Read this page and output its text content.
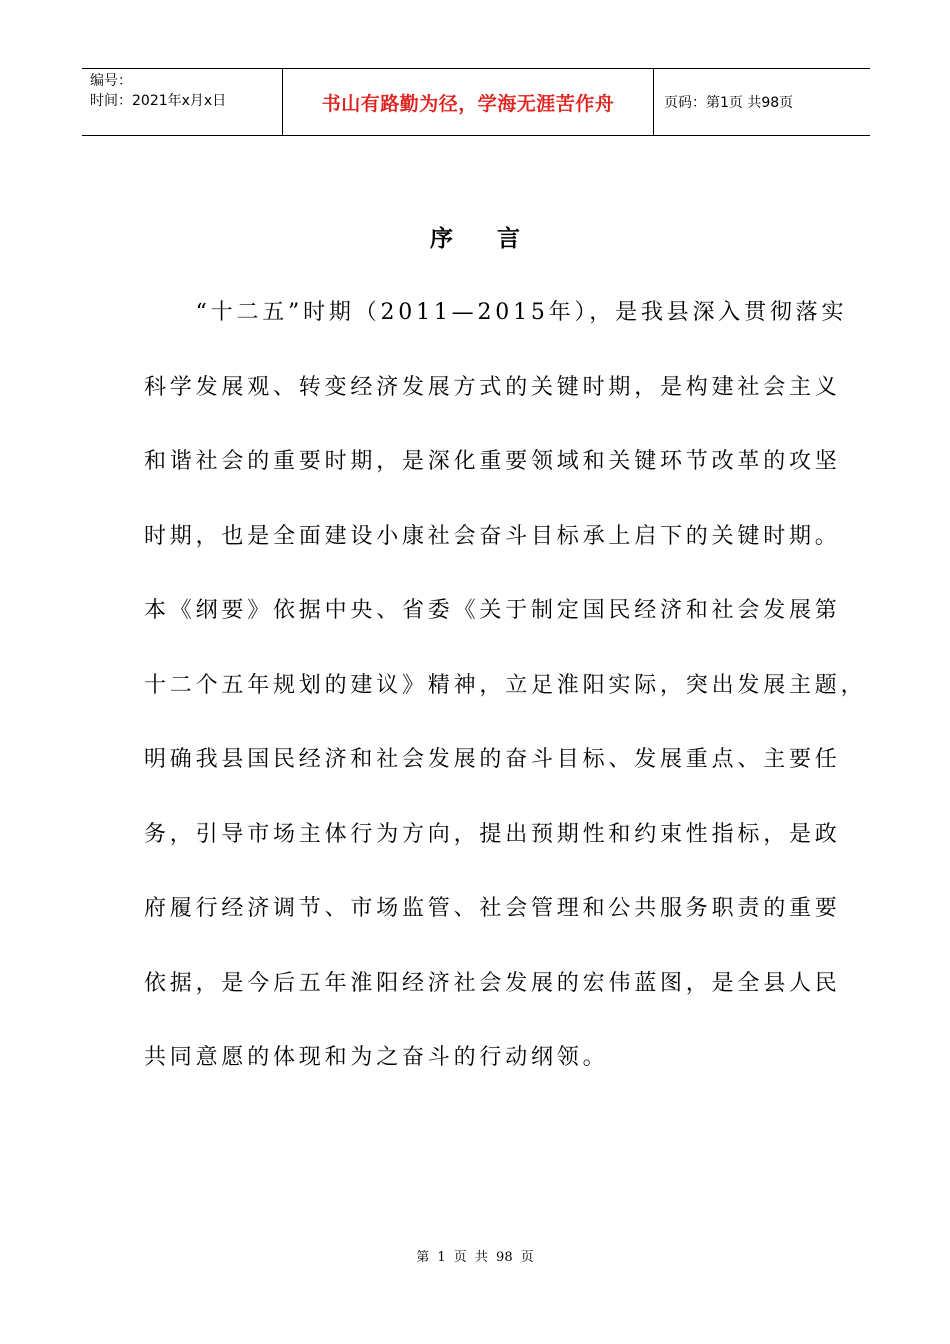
编号：
时间：2021年x月x日	书山有路勤为径，学海无涯苦作舟	页码：第1页 共98页
序言
　　“十二五”时期（2011—2015年），是我县深入贯彻落实
科学发展观、转变经济发展方式的关键时期，是构建社会主义
和谐社会的重要时期，是深化重要领域和关键环节改革的攻坚
时期，也是全面建设小康社会奋斗目标承上启下的关键时期。
本《纲要》依据中央、省委《关于制定国民经济和社会发展第
十二个五年规划的建议》精神，立足淮阳实际，突出发展主题，
明确我县国民经济和社会发展的奋斗目标、发展重点、主要任
务，引导市场主体行为方向，提出预期性和约束性指标，是政
府履行经济调节、市场监管、社会管理和公共服务职责的重要
依据，是今后五年淮阳经济社会发展的宏伟蓝图，是全县人民
共同意愿的体现和为之奋斗的行动纲领。
第 1 页 共 98 页
